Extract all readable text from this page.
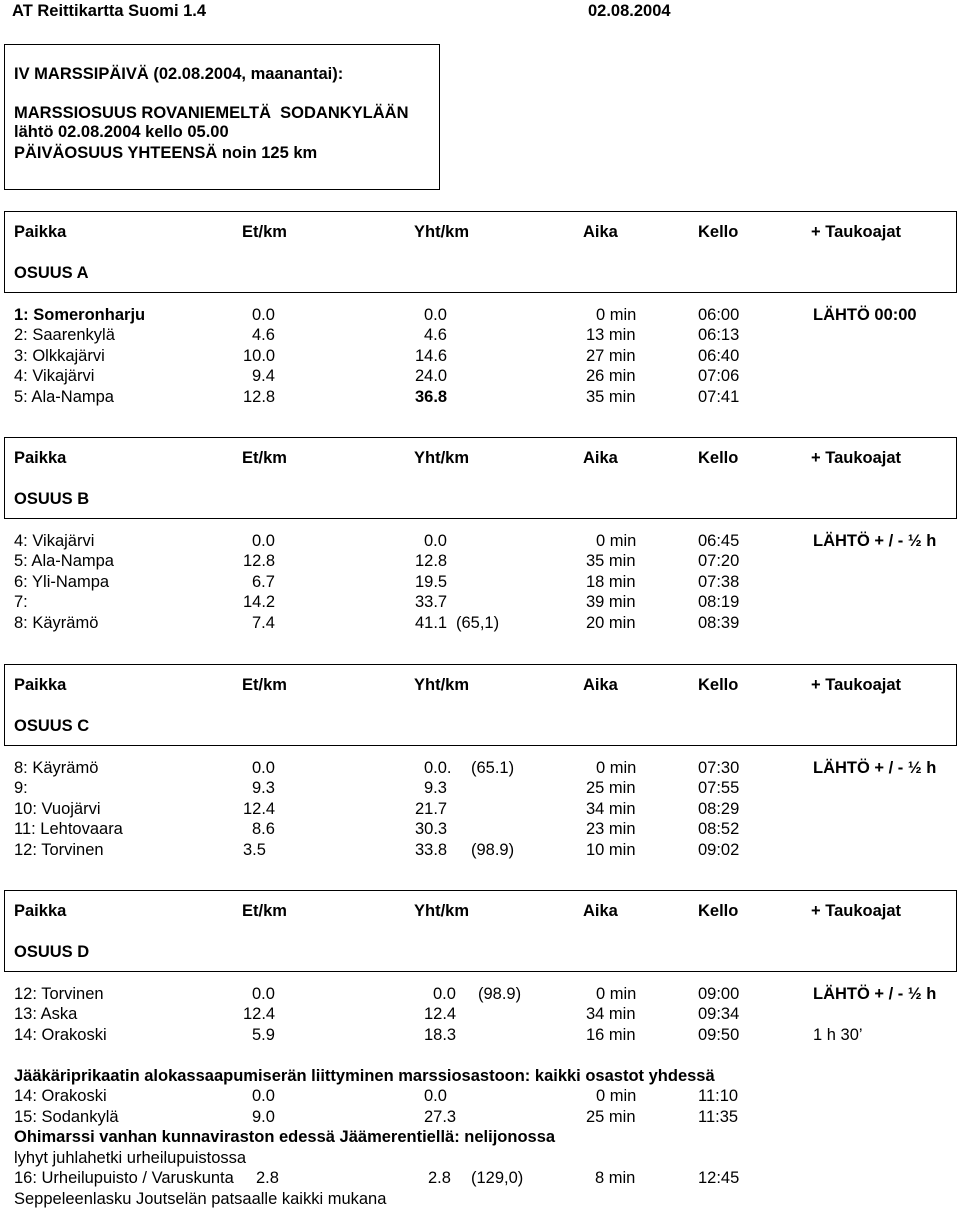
AT Reittikartta Suomi 1.4	02.08.2004
IV MARSSIPÄIVÄ (02.08.2004, maanantai):
MARSSIOSUUS ROVANIEMELTÄ  SODANKYLÄÄN
lähtö 02.08.2004 kello 05.00
PÄIVÄOSUUS YHTEENSÄ noin 125 km
Paikka	Et/km	Yht/km	Aika	Kello	+ Taukoajat
OSUUS A
1: Someronharju	0.0	0.0	0 min	06:00	LÄHTÖ 00:00
2: Saarenkylä	4.6	4.6	13 min	06:13
3: Olkkajärvi	10.0	14.6	27 min	06:40
4: Vikajärvi	9.4	24.0	26 min	07:06
5: Ala-Nampa	12.8	36.8	35 min	07:41
Paikka	Et/km	Yht/km	Aika	Kello	+ Taukoajat
OSUUS B
4: Vikajärvi	0.0	0.0	0 min	06:45	LÄHTÖ + / - ½ h
5: Ala-Nampa	12.8	12.8	35 min	07:20
6: Yli-Nampa	6.7	19.5	18 min	07:38
7:	14.2	33.7	39 min	08:19
8: Käyrämö	7.4	41.1 (65,1)	20 min	08:39
Paikka	Et/km	Yht/km	Aika	Kello	+ Taukoajat
OSUUS C
8: Käyrämö	0.0	0.0. (65.1)	0 min	07:30	LÄHTÖ + / - ½ h
9:	9.3	9.3	25 min	07:55
10: Vuojärvi	12.4	21.7	34 min	08:29
11: Lehtovaara	8.6	30.3	23 min	08:52
12: Torvinen	3.5	33.8 (98.9)	10 min	09:02
Paikka	Et/km	Yht/km	Aika	Kello	+ Taukoajat
OSUUS D
12: Torvinen	0.0	0.0 (98.9)	0 min	09:00	LÄHTÖ + / - ½ h
13: Aska	12.4	12.4	34 min	09:34
14: Orakoski	5.9	18.3	16 min	09:50	1 h 30’
Jääkäriprikaatin alokassaapumiserän liittyminen marssiosastoon: kaikki osastot yhdessä
14: Orakoski	0.0	0.0	0 min	11:10
15: Sodankylä	9.0	27.3	25 min	11:35
Ohimarssi vanhan kunnaviraston edessä Jäämerentiellä: nelijonossa
lyhyt juhlahetki urheilupuistossa
16: Urheilupuisto / Varuskunta 2.8	2.8 (129,0)	8 min	12:45
Seppeleenlasku Joutselän patsaalle kaikki mukana
